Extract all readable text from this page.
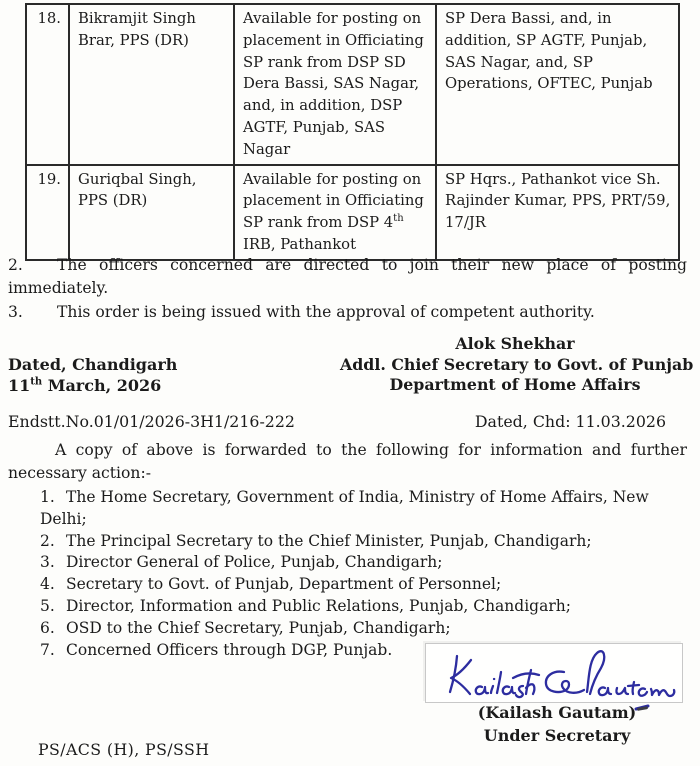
18.	Bikramjit Singh Brar, PPS (DR)	Available for posting on placement in Officiating SP rank from DSP SD Dera Bassi, SAS Nagar, and, in addition, DSP AGTF, Punjab, SAS Nagar	SP Dera Bassi, and, in addition, SP AGTF, Punjab, SAS Nagar, and, SP Operations, OFTEC, Punjab
19.	Guriqbal Singh, PPS (DR)	Available for posting on placement in Officiating SP rank from DSP 4th IRB, Pathankot	SP Hqrs., Pathankot vice Sh. Rajinder Kumar, PPS, PRT/59, 17/JR
2. The officers concerned are directed to join their new place of posting
immediately.
3. This order is being issued with the approval of competent authority.
Alok Shekhar
Addl. Chief Secretary to Govt. of Punjab
Department of Home Affairs
Dated, Chandigarh
11th March, 2026
Endstt.No.01/01/2026-3H1/216-222	Dated, Chd: 11.03.2026
A copy of above is forwarded to the following for information and further
necessary action:-
1. The Home Secretary, Government of India, Ministry of Home Affairs, New Delhi;
2. The Principal Secretary to the Chief Minister, Punjab, Chandigarh;
3. Director General of Police, Punjab, Chandigarh;
4. Secretary to Govt. of Punjab, Department of Personnel;
5. Director, Information and Public Relations, Punjab, Chandigarh;
6. OSD to the Chief Secretary, Punjab, Chandigarh;
7. Concerned Officers through DGP, Punjab.
(Kailash Gautam)
Under Secretary
PS/ACS (H), PS/SSH
